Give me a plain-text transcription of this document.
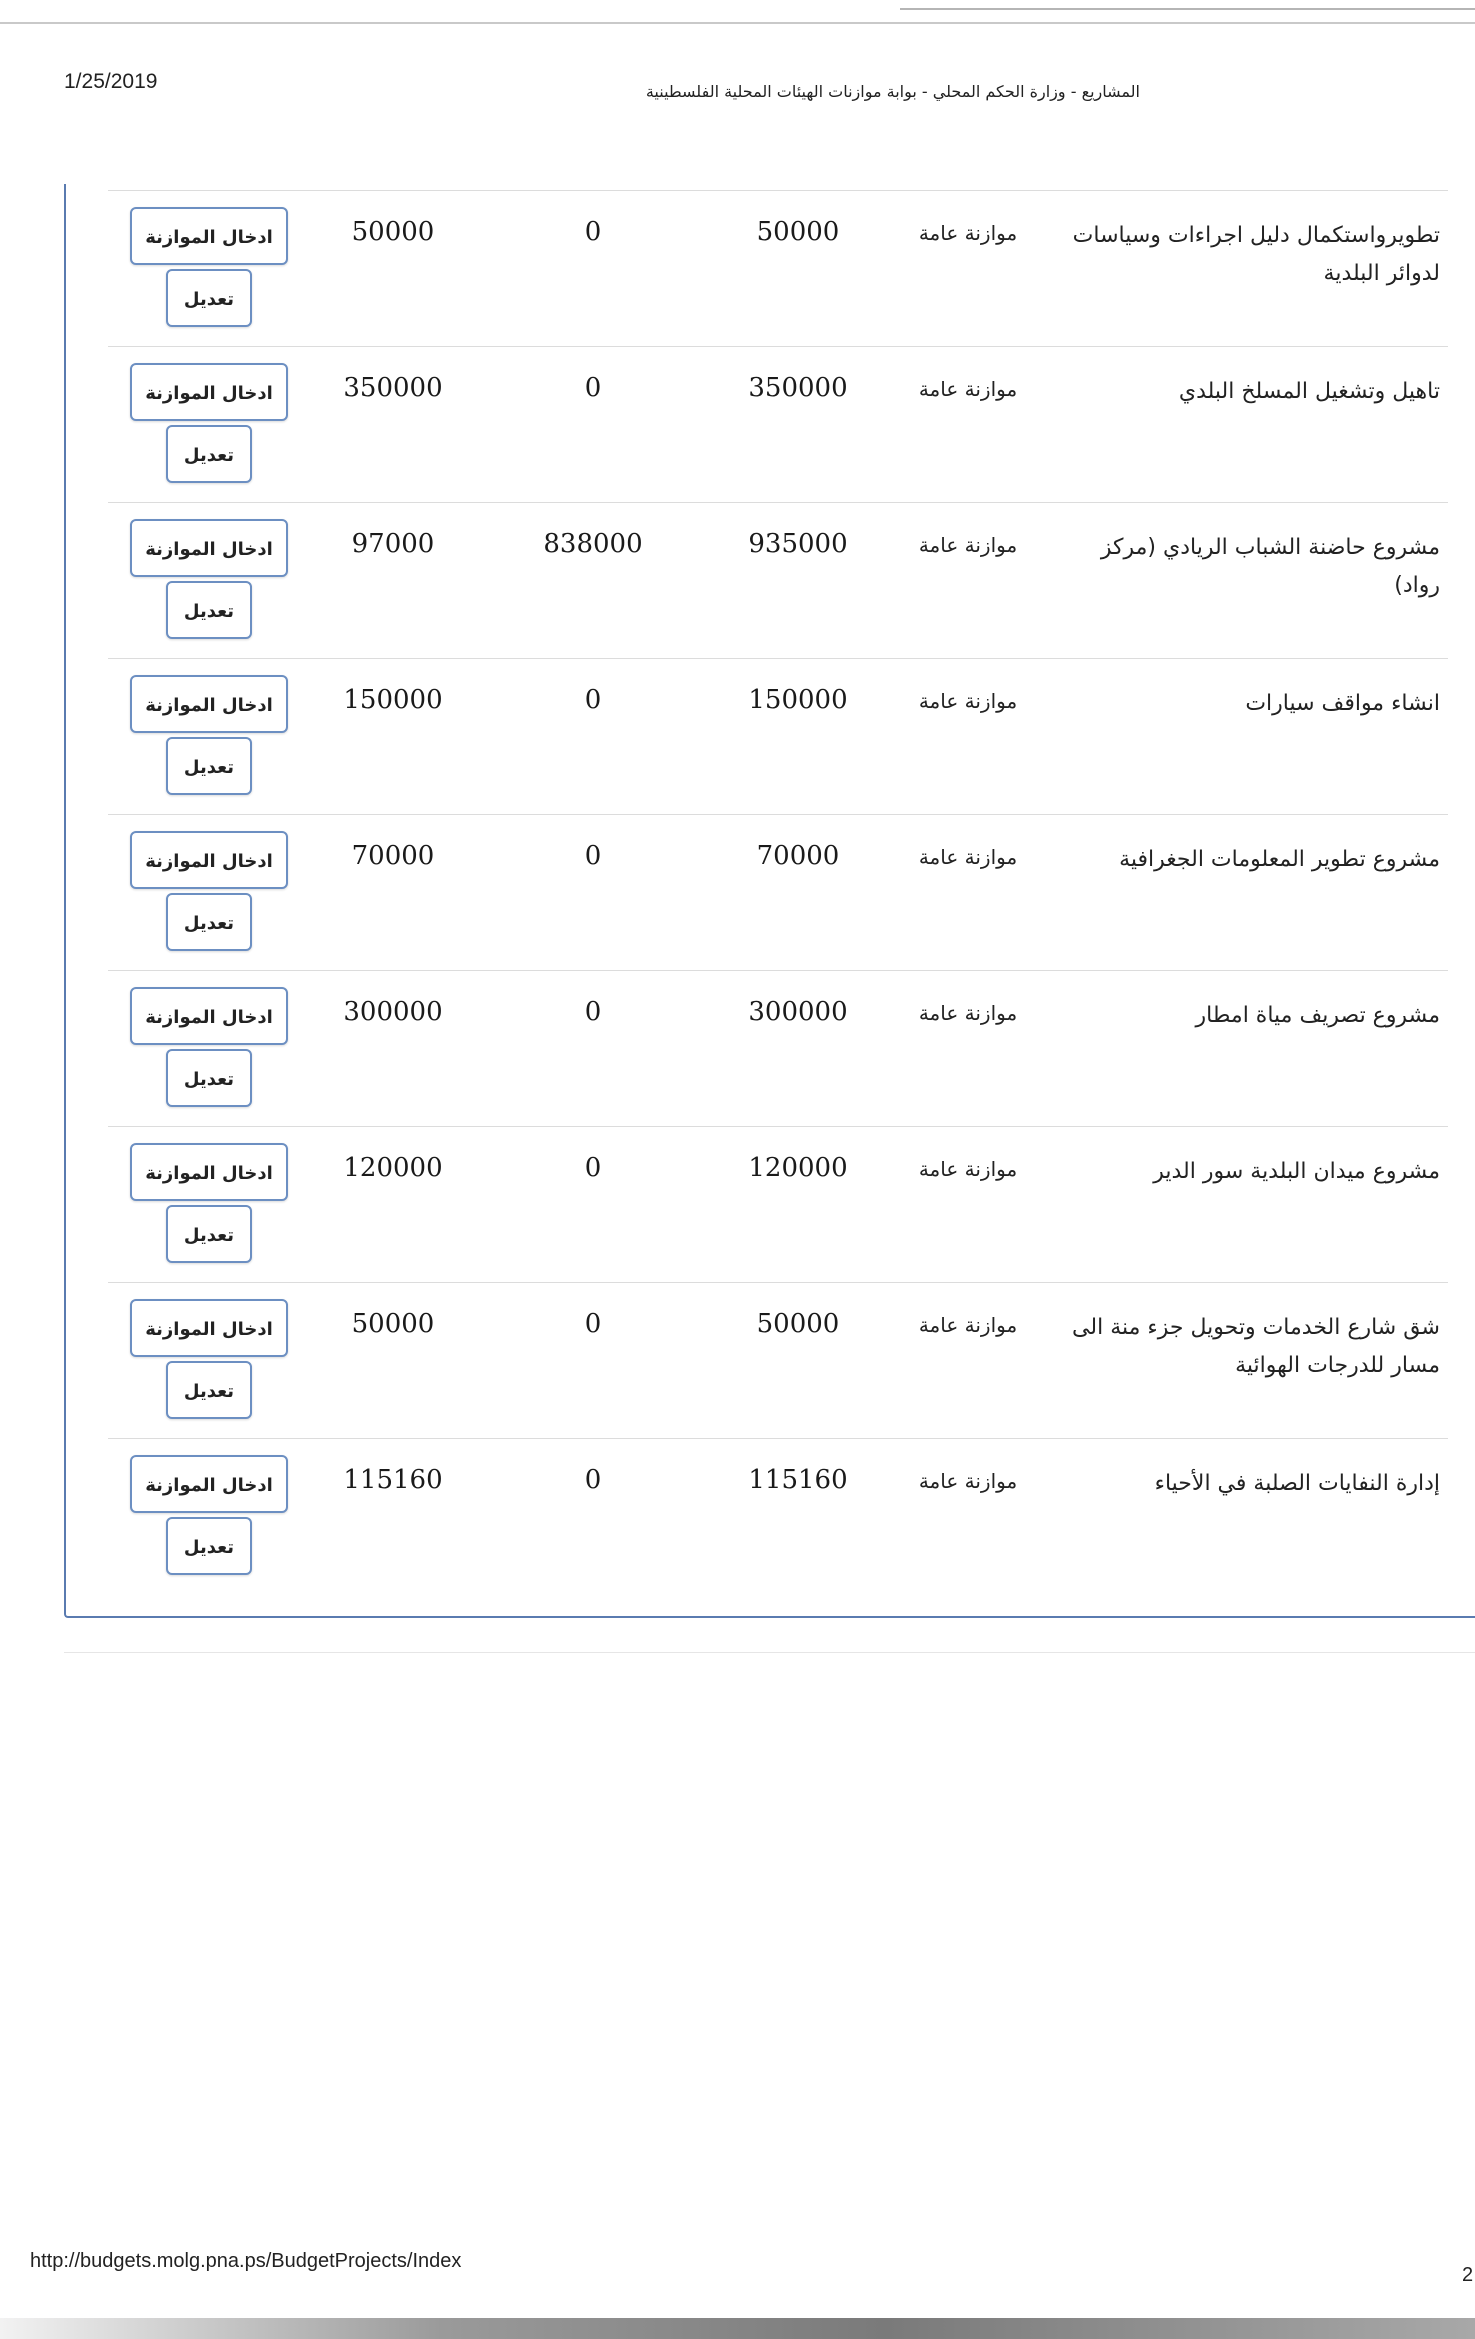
1/25/2019	المشاريع - وزارة الحكم المحلي - بوابة موازنات الهيئات المحلية الفلسطينية
تطويرواستكمال دليل اجراءات وسياسات لدوائر البلدية
موازنة عامة
50000
0
50000
ادخال الموازنة
تعديل
تاهيل وتشغيل المسلخ البلدي
موازنة عامة
350000
0
350000
ادخال الموازنة
تعديل
مشروع حاضنة الشباب الريادي (مركز رواد)
موازنة عامة
935000
838000
97000
ادخال الموازنة
تعديل
انشاء مواقف سيارات
موازنة عامة
150000
0
150000
ادخال الموازنة
تعديل
مشروع تطوير المعلومات الجغرافية
موازنة عامة
70000
0
70000
ادخال الموازنة
تعديل
مشروع تصريف مياة امطار
موازنة عامة
300000
0
300000
ادخال الموازنة
تعديل
مشروع ميدان البلدية سور الدير
موازنة عامة
120000
0
120000
ادخال الموازنة
تعديل
شق شارع الخدمات وتحويل جزء منة الى مسار للدرجات الهوائية
موازنة عامة
50000
0
50000
ادخال الموازنة
تعديل
إدارة النفايات الصلبة في الأحياء
موازنة عامة
115160
0
115160
ادخال الموازنة
تعديل
http://budgets.molg.pna.ps/BudgetProjects/Index
2
